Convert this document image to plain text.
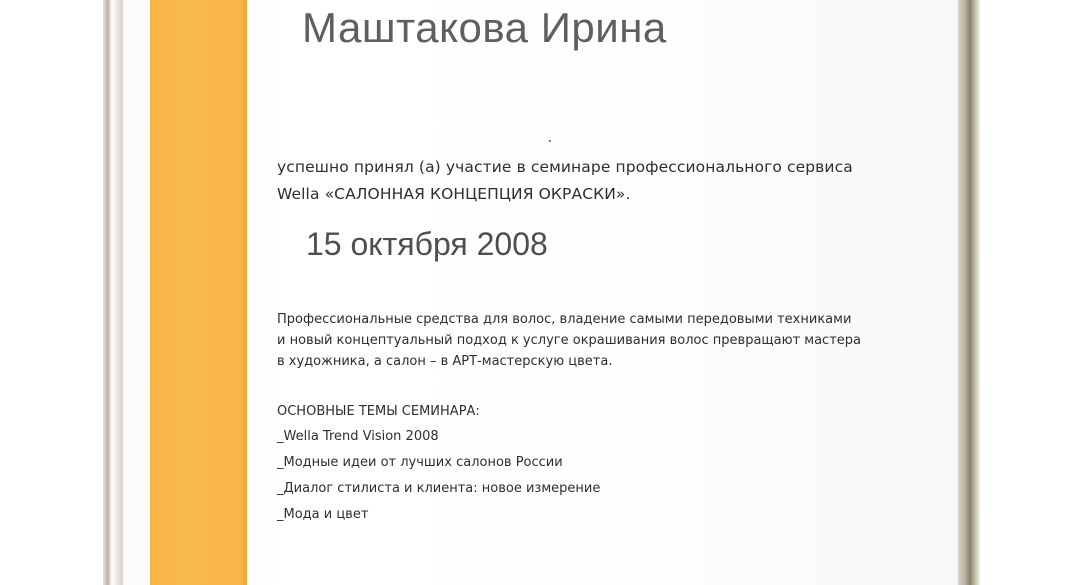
Маштакова Ирина
успешно принял (а) участие в семинаре профессионального сервиса
Wella «САЛОННАЯ КОНЦЕПЦИЯ ОКРАСКИ».
15 октября 2008
Профессиональные средства для волос, владение самыми передовыми техниками
и новый концептуальный подход к услуге окрашивания волос превращают мастера
в художника, а салон – в АРТ-мастерскую цвета.
ОСНОВНЫЕ ТЕМЫ СЕМИНАРА:
_Wella Trend Vision 2008
_Модные идеи от лучших салонов России
_Диалог стилиста и клиента: новое измерение
_Мода и цвет
